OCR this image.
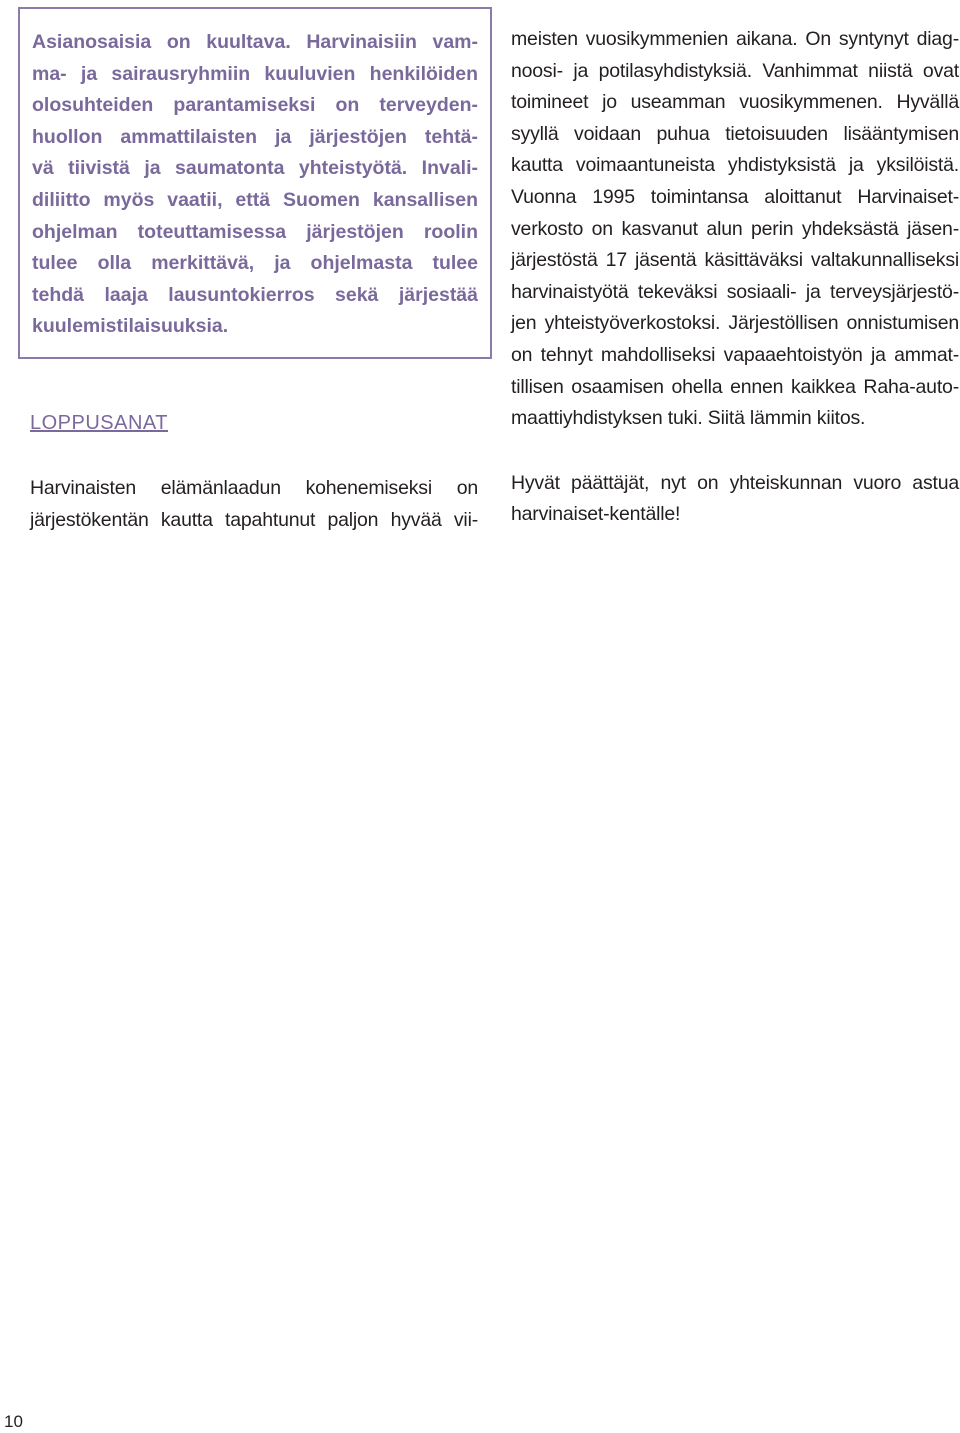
Asianosaisia on kuultava. Harvinaisiin vam-
ma- ja sairausryhmiin kuuluvien henkilöiden
olosuhteiden parantamiseksi on terveyden-
huollon ammattilaisten ja järjestöjen tehtä-
vä tiivistä ja saumatonta yhteistyötä. Invali-
diliitto myös vaatii, että Suomen kansallisen
ohjelman toteuttamisessa järjestöjen roolin
tulee olla merkittävä, ja ohjelmasta tulee
tehdä laaja lausuntokierros sekä järjestää
kuulemistilaisuuksia.
LOPPUSANAT
Harvinaisten elämänlaadun kohenemiseksi on
järjestökentän kautta tapahtunut paljon hyvää vii-
meisten vuosikymmenien aikana. On syntynyt diag-
noosi- ja potilasyhdistyksiä. Vanhimmat niistä ovat
toimineet jo useamman vuosikymmenen. Hyvällä
syyllä voidaan puhua tietoisuuden lisääntymisen
kautta voimaantuneista yhdistyksistä ja yksilöistä.
Vuonna 1995 toimintansa aloittanut Harvinaiset-
verkosto on kasvanut alun perin yhdeksästä jäsen-
järjestöstä 17 jäsentä käsittäväksi valtakunnalliseksi
harvinaistyötä tekeväksi sosiaali- ja terveysjärjestö-
jen yhteistyöverkostoksi. Järjestöllisen onnistumisen
on tehnyt mahdolliseksi vapaaehtoistyön ja ammat-
tillisen osaamisen ohella ennen kaikkea Raha-auto-
maattiyhdistyksen tuki. Siitä lämmin kiitos.
Hyvät päättäjät, nyt on yhteiskunnan vuoro astua
harvinaiset-kentälle!
10
